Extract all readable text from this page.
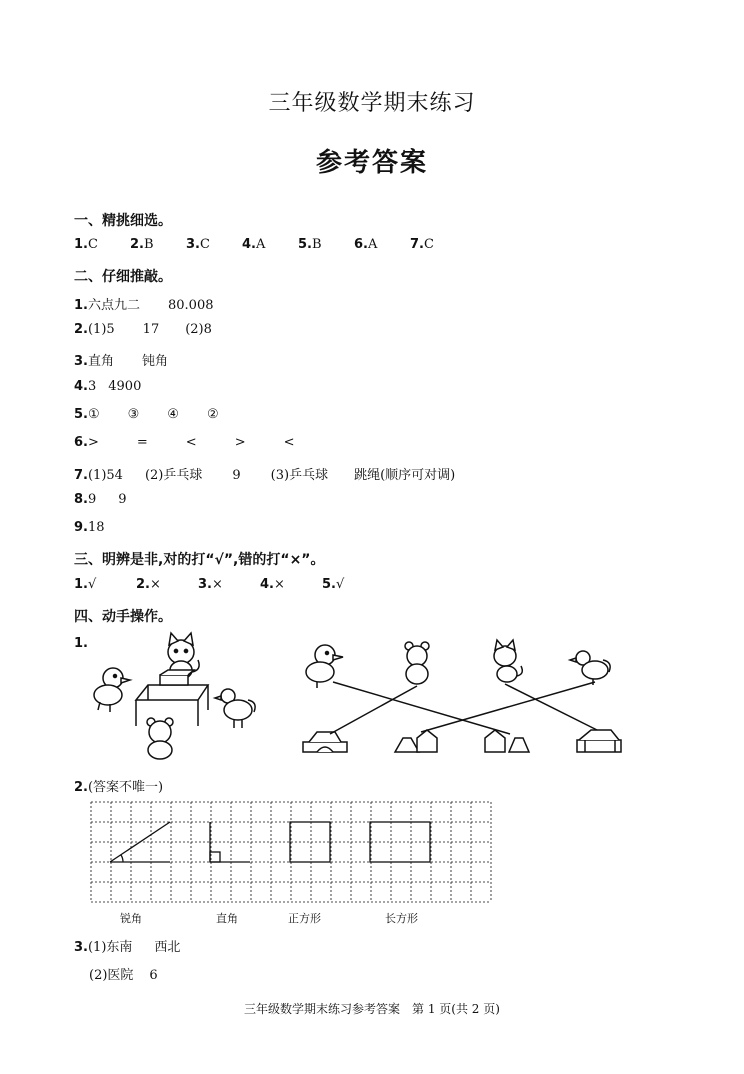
三年级数学期末练习
参考答案
一、精挑细选。
1.C 2.B 3.C 4.A	5.B 6.A	7.C
二、仔细推敲。
1.六点九二 80.008
2.(1)5 17 (2)8
3.直角 钝角
4.3 4900
5.① ③ ④ ②
6.>	=	<	>	<
7.(1)54 (2)乒乓球 9 (3)乒乓球 跳绳(顺序可对调)
8.9 9
9.18
三、明辨是非,对的打“√”,错的打“×”。
1.√	2.×	3.×	4.×	5.√
四、动手操作。
1.
2.(答案不唯一)
锐角	直角	正方形	长方形
3.(1)东南 西北
(2)医院 6
三年级数学期末练习参考答案　第 1 页(共 2 页)
